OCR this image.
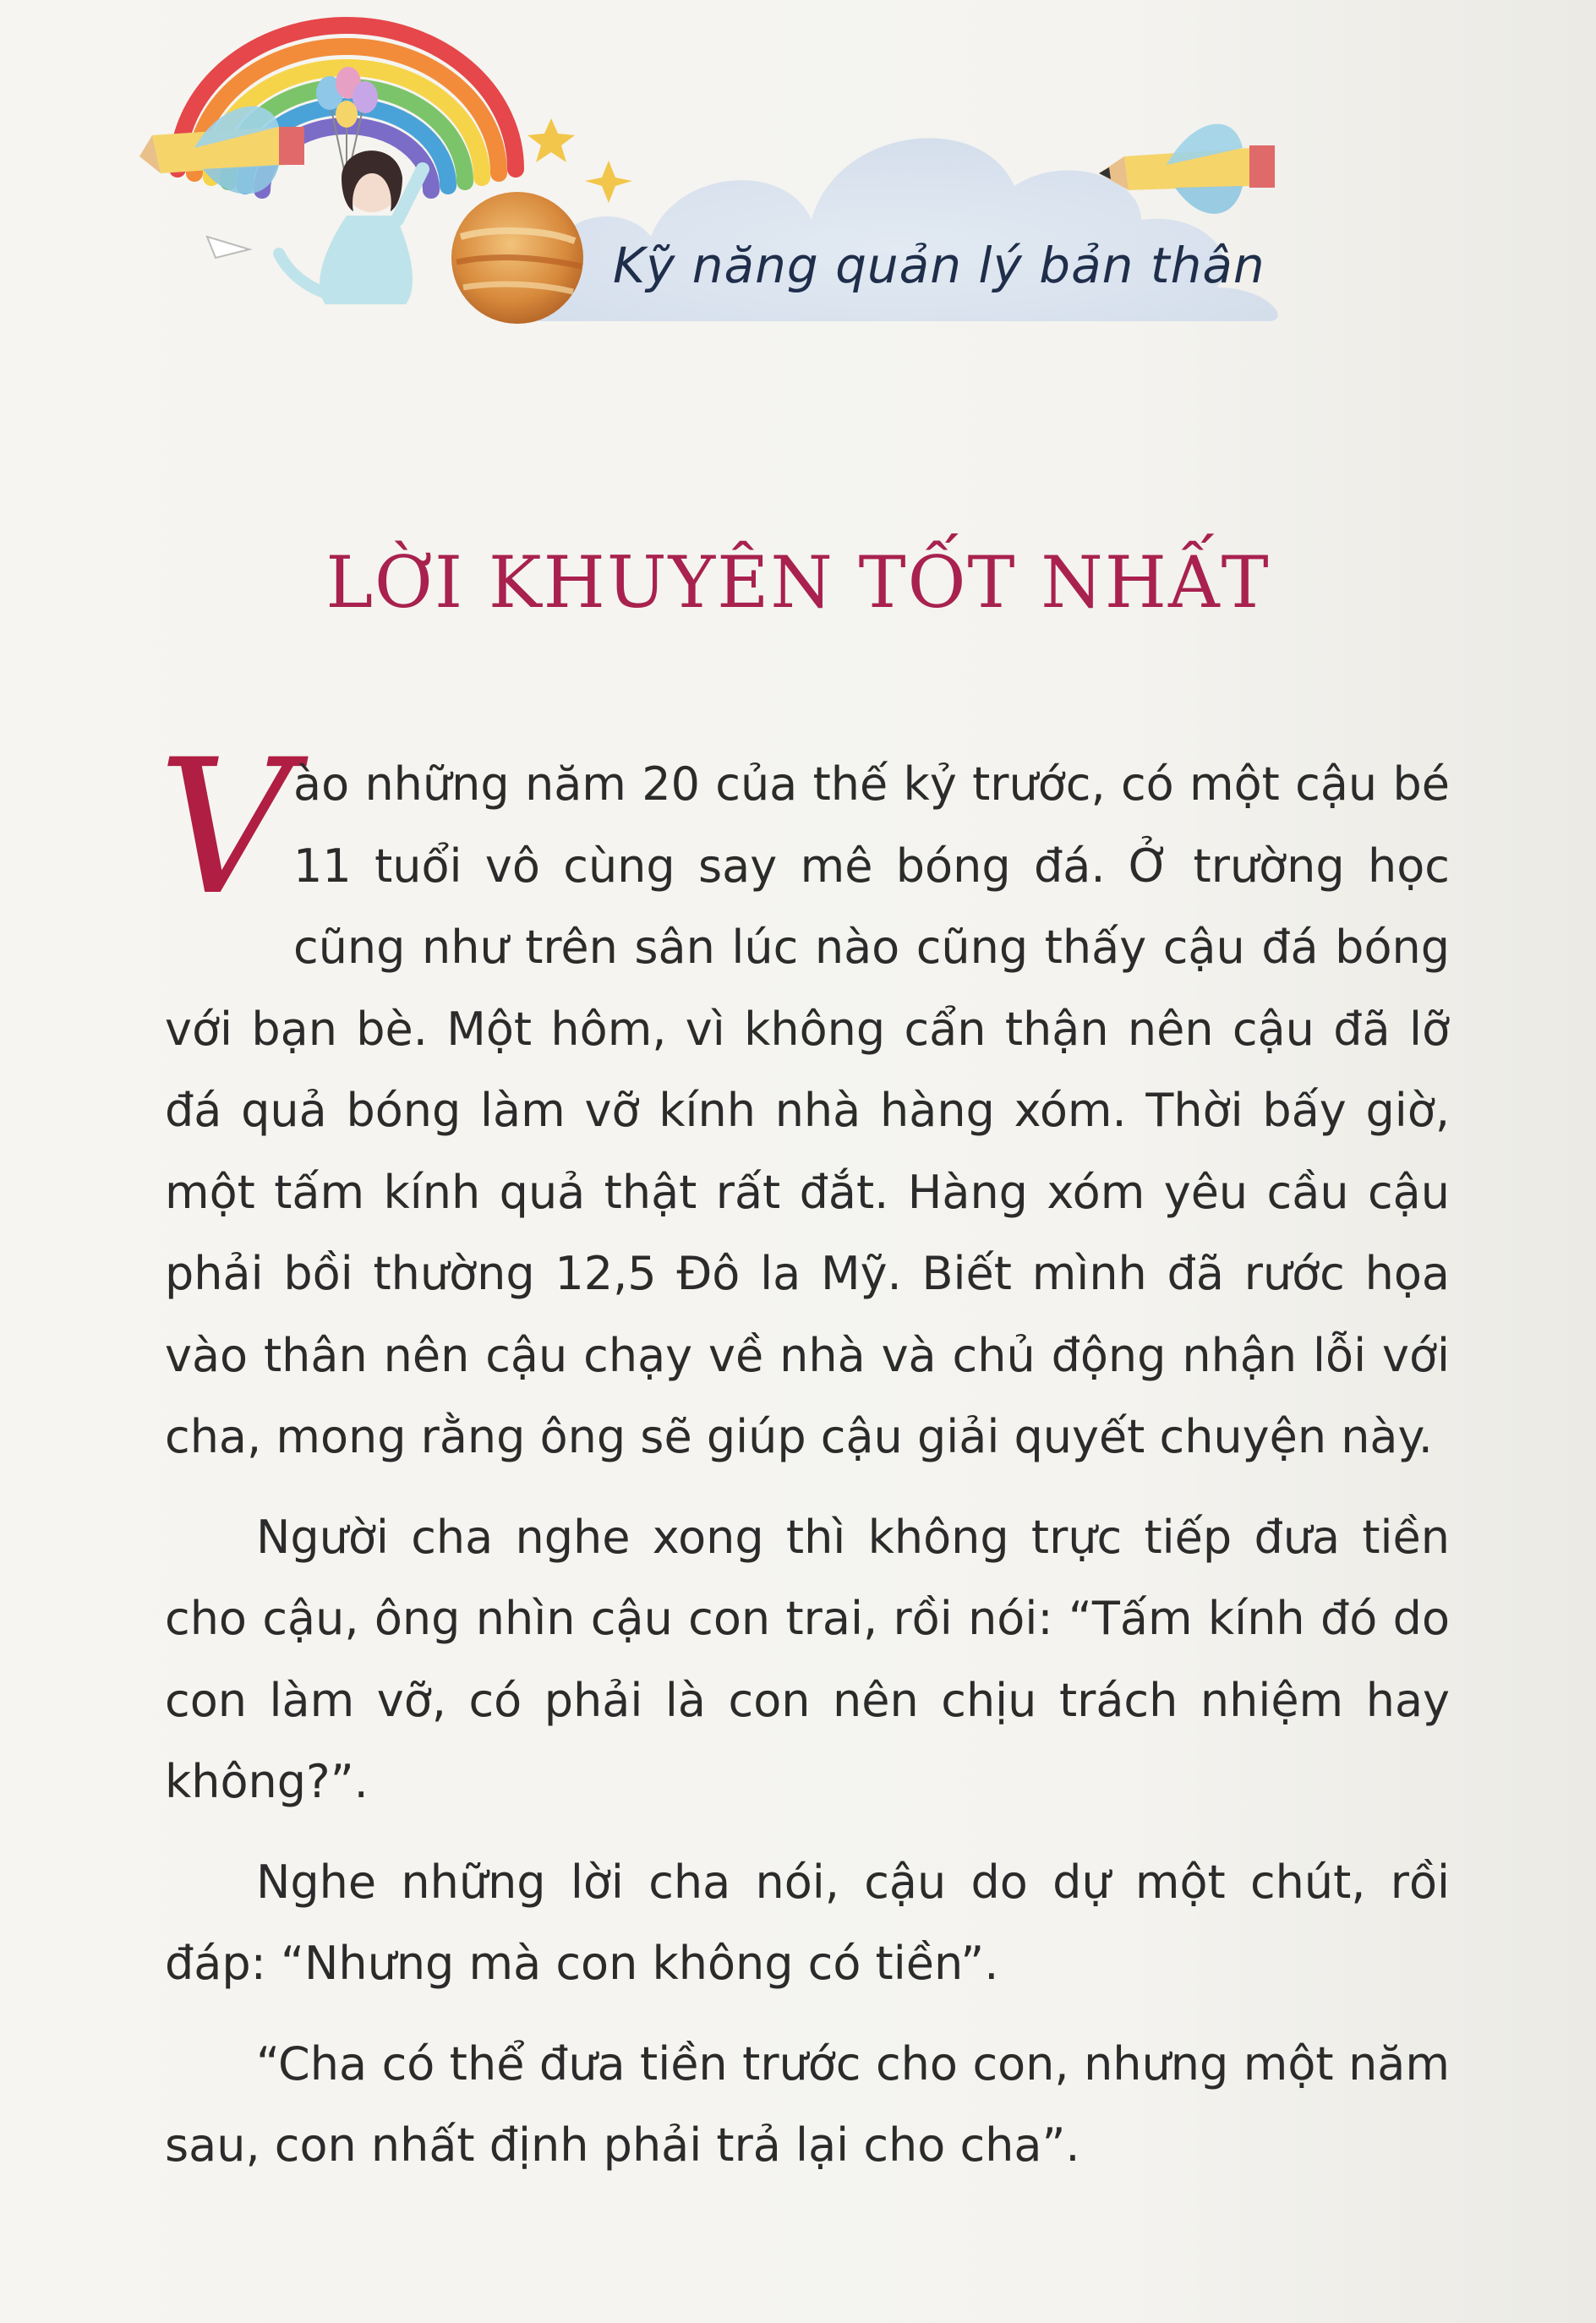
Kỹ năng quản lý bản thân
LỜI KHUYÊN TỐT NHẤT

Vào những năm 20 của thế kỷ trước, có một cậu bé 11 tuổi vô cùng say mê bóng đá. Ở trường học cũng như trên sân lúc nào cũng thấy cậu đá bóng với bạn bè. Một hôm, vì không cẩn thận nên cậu đã lỡ đá quả bóng làm vỡ kính nhà hàng xóm. Thời bấy giờ, một tấm kính quả thật rất đắt. Hàng xóm yêu cầu cậu phải bồi thường 12,5 Đô la Mỹ. Biết mình đã rước họa vào thân nên cậu chạy về nhà và chủ động nhận lỗi với cha, mong rằng ông sẽ giúp cậu giải quyết chuyện này.

Người cha nghe xong thì không trực tiếp đưa tiền cho cậu, ông nhìn cậu con trai, rồi nói: “Tấm kính đó do con làm vỡ, có phải là con nên chịu trách nhiệm hay không?”.

Nghe những lời cha nói, cậu do dự một chút, rồi đáp: “Nhưng mà con không có tiền”.

“Cha có thể đưa tiền trước cho con, nhưng một năm sau, con nhất định phải trả lại cho cha”.
